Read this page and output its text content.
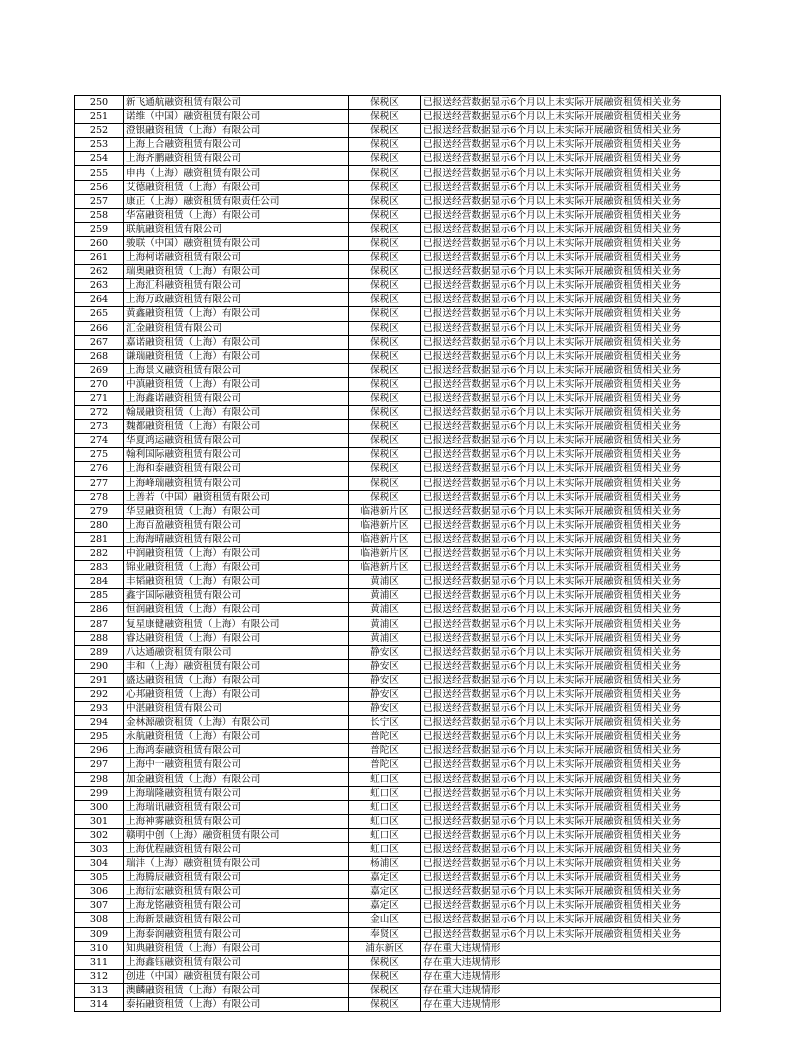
250	新飞通航融资租赁有限公司	保税区	已报送经营数据显示6个月以上未实际开展融资租赁相关业务
251	诺维（中国）融资租赁有限公司	保税区	已报送经营数据显示6个月以上未实际开展融资租赁相关业务
252	澄银融资租赁（上海）有限公司	保税区	已报送经营数据显示6个月以上未实际开展融资租赁相关业务
253	上海上合融资租赁有限公司	保税区	已报送经营数据显示6个月以上未实际开展融资租赁相关业务
254	上海齐鹏融资租赁有限公司	保税区	已报送经营数据显示6个月以上未实际开展融资租赁相关业务
255	申冉（上海）融资租赁有限公司	保税区	已报送经营数据显示6个月以上未实际开展融资租赁相关业务
256	艾德融资租赁（上海）有限公司	保税区	已报送经营数据显示6个月以上未实际开展融资租赁相关业务
257	康正（上海）融资租赁有限责任公司	保税区	已报送经营数据显示6个月以上未实际开展融资租赁相关业务
258	华富融资租赁（上海）有限公司	保税区	已报送经营数据显示6个月以上未实际开展融资租赁相关业务
259	联航融资租赁有限公司	保税区	已报送经营数据显示6个月以上未实际开展融资租赁相关业务
260	骏联（中国）融资租赁有限公司	保税区	已报送经营数据显示6个月以上未实际开展融资租赁相关业务
261	上海柯诺融资租赁有限公司	保税区	已报送经营数据显示6个月以上未实际开展融资租赁相关业务
262	瑞奥融资租赁（上海）有限公司	保税区	已报送经营数据显示6个月以上未实际开展融资租赁相关业务
263	上海汇科融资租赁有限公司	保税区	已报送经营数据显示6个月以上未实际开展融资租赁相关业务
264	上海万政融资租赁有限公司	保税区	已报送经营数据显示6个月以上未实际开展融资租赁相关业务
265	黄鑫融资租赁（上海）有限公司	保税区	已报送经营数据显示6个月以上未实际开展融资租赁相关业务
266	汇金融资租赁有限公司	保税区	已报送经营数据显示6个月以上未实际开展融资租赁相关业务
267	嘉诺融资租赁（上海）有限公司	保税区	已报送经营数据显示6个月以上未实际开展融资租赁相关业务
268	谦瑞融资租赁（上海）有限公司	保税区	已报送经营数据显示6个月以上未实际开展融资租赁相关业务
269	上海景义融资租赁有限公司	保税区	已报送经营数据显示6个月以上未实际开展融资租赁相关业务
270	中滇融资租赁（上海）有限公司	保税区	已报送经营数据显示6个月以上未实际开展融资租赁相关业务
271	上海鑫诺融资租赁有限公司	保税区	已报送经营数据显示6个月以上未实际开展融资租赁相关业务
272	翰晟融资租赁（上海）有限公司	保税区	已报送经营数据显示6个月以上未实际开展融资租赁相关业务
273	魏都融资租赁（上海）有限公司	保税区	已报送经营数据显示6个月以上未实际开展融资租赁相关业务
274	华夏鸿运融资租赁有限公司	保税区	已报送经营数据显示6个月以上未实际开展融资租赁相关业务
275	翰利国际融资租赁有限公司	保税区	已报送经营数据显示6个月以上未实际开展融资租赁相关业务
276	上海和泰融资租赁有限公司	保税区	已报送经营数据显示6个月以上未实际开展融资租赁相关业务
277	上海峰瑞融资租赁有限公司	保税区	已报送经营数据显示6个月以上未实际开展融资租赁相关业务
278	上善若（中国）融资租赁有限公司	保税区	已报送经营数据显示6个月以上未实际开展融资租赁相关业务
279	华昱融资租赁（上海）有限公司	临港新片区	已报送经营数据显示6个月以上未实际开展融资租赁相关业务
280	上海百盈融资租赁有限公司	临港新片区	已报送经营数据显示6个月以上未实际开展融资租赁相关业务
281	上海海晴融资租赁有限公司	临港新片区	已报送经营数据显示6个月以上未实际开展融资租赁相关业务
282	中润融资租赁（上海）有限公司	临港新片区	已报送经营数据显示6个月以上未实际开展融资租赁相关业务
283	锦业融资租赁（上海）有限公司	临港新片区	已报送经营数据显示6个月以上未实际开展融资租赁相关业务
284	丰韬融资租赁（上海）有限公司	黄浦区	已报送经营数据显示6个月以上未实际开展融资租赁相关业务
285	鑫宇国际融资租赁有限公司	黄浦区	已报送经营数据显示6个月以上未实际开展融资租赁相关业务
286	恒润融资租赁（上海）有限公司	黄浦区	已报送经营数据显示6个月以上未实际开展融资租赁相关业务
287	复星康健融资租赁（上海）有限公司	黄浦区	已报送经营数据显示6个月以上未实际开展融资租赁相关业务
288	睿达融资租赁（上海）有限公司	黄浦区	已报送经营数据显示6个月以上未实际开展融资租赁相关业务
289	八达通融资租赁有限公司	静安区	已报送经营数据显示6个月以上未实际开展融资租赁相关业务
290	丰和（上海）融资租赁有限公司	静安区	已报送经营数据显示6个月以上未实际开展融资租赁相关业务
291	盛达融资租赁（上海）有限公司	静安区	已报送经营数据显示6个月以上未实际开展融资租赁相关业务
292	心邦融资租赁（上海）有限公司	静安区	已报送经营数据显示6个月以上未实际开展融资租赁相关业务
293	中湛融资租赁有限公司	静安区	已报送经营数据显示6个月以上未实际开展融资租赁相关业务
294	金林源融资租赁（上海）有限公司	长宁区	已报送经营数据显示6个月以上未实际开展融资租赁相关业务
295	永航融资租赁（上海）有限公司	普陀区	已报送经营数据显示6个月以上未实际开展融资租赁相关业务
296	上海鸿泰融资租赁有限公司	普陀区	已报送经营数据显示6个月以上未实际开展融资租赁相关业务
297	上海中一融资租赁有限公司	普陀区	已报送经营数据显示6个月以上未实际开展融资租赁相关业务
298	加金融资租赁（上海）有限公司	虹口区	已报送经营数据显示6个月以上未实际开展融资租赁相关业务
299	上海瑞隆融资租赁有限公司	虹口区	已报送经营数据显示6个月以上未实际开展融资租赁相关业务
300	上海瑞讯融资租赁有限公司	虹口区	已报送经营数据显示6个月以上未实际开展融资租赁相关业务
301	上海神雾融资租赁有限公司	虹口区	已报送经营数据显示6个月以上未实际开展融资租赁相关业务
302	赣明中创（上海）融资租赁有限公司	虹口区	已报送经营数据显示6个月以上未实际开展融资租赁相关业务
303	上海优程融资租赁有限公司	虹口区	已报送经营数据显示6个月以上未实际开展融资租赁相关业务
304	瑞沣（上海）融资租赁有限公司	杨浦区	已报送经营数据显示6个月以上未实际开展融资租赁相关业务
305	上海腾辰融资租赁有限公司	嘉定区	已报送经营数据显示6个月以上未实际开展融资租赁相关业务
306	上海衍宏融资租赁有限公司	嘉定区	已报送经营数据显示6个月以上未实际开展融资租赁相关业务
307	上海龙铭融资租赁有限公司	嘉定区	已报送经营数据显示6个月以上未实际开展融资租赁相关业务
308	上海新景融资租赁有限公司	金山区	已报送经营数据显示6个月以上未实际开展融资租赁相关业务
309	上海泰润融资租赁有限公司	奉贤区	已报送经营数据显示6个月以上未实际开展融资租赁相关业务
310	知典融资租赁（上海）有限公司	浦东新区	存在重大违规情形
311	上海鑫钰融资租赁有限公司	保税区	存在重大违规情形
312	创进（中国）融资租赁有限公司	保税区	存在重大违规情形
313	澳麟融资租赁（上海）有限公司	保税区	存在重大违规情形
314	泰拓融资租赁（上海）有限公司	保税区	存在重大违规情形
